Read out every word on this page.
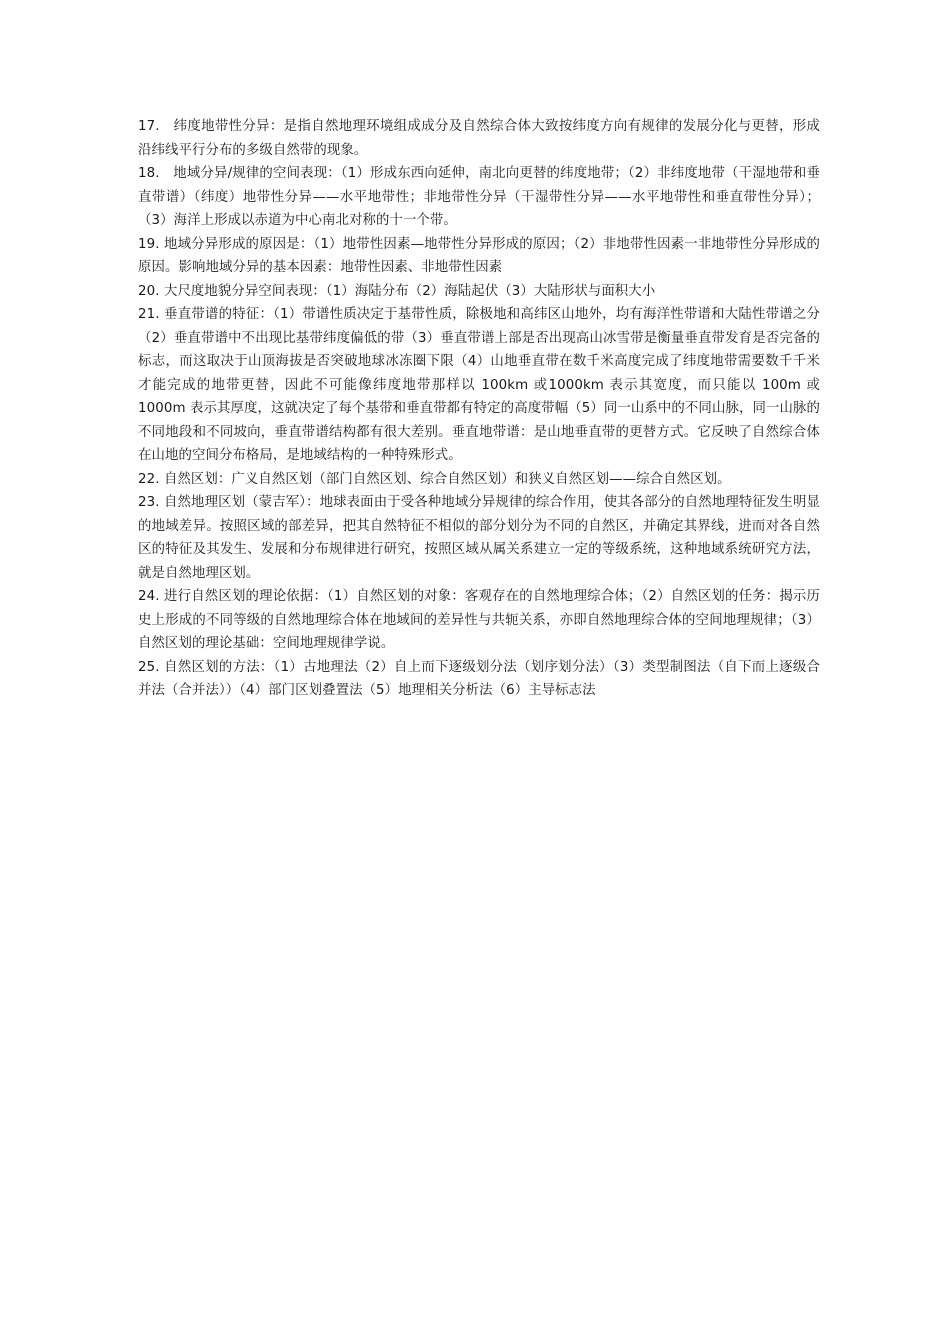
17.　纬度地带性分异：是指自然地理环境组成成分及自然综合体大致按纬度方向有规律的发展分化与更替，形成沿纬线平行分布的多级自然带的现象。

18.　地域分异/规律的空间表现：（1）形成东西向延伸，南北向更替的纬度地带；（2）非纬度地带（干湿地带和垂直带谱）（纬度）地带性分异——水平地带性；非地带性分异（干湿带性分异——水平地带性和垂直带性分异）；（3）海洋上形成以赤道为中心南北对称的十一个带。

19. 地域分异形成的原因是：（1）地带性因素—地带性分异形成的原因；（2）非地带性因素一非地带性分异形成的原因。影响地域分异的基本因素：地带性因素、非地带性因素

20. 大尺度地貌分异空间表现：（1）海陆分布（2）海陆起伏（3）大陆形状与面积大小

21. 垂直带谱的特征：（1）带谱性质决定于基带性质，除极地和高纬区山地外，均有海洋性带谱和大陆性带谱之分（2）垂直带谱中不出现比基带纬度偏低的带（3）垂直带谱上部是否出现高山冰雪带是衡量垂直带发育是否完备的标志，而这取决于山顶海拔是否突破地球冰冻圈下限（4）山地垂直带在数千米高度完成了纬度地带需要数千千米才能完成的地带更替，因此不可能像纬度地带那样以 100km 或1000km 表示其宽度，而只能以 100m 或 1000m 表示其厚度，这就决定了每个基带和垂直带都有特定的高度带幅（5）同一山系中的不同山脉，同一山脉的不同地段和不同坡向，垂直带谱结构都有很大差别。垂直地带谱：是山地垂直带的更替方式。它反映了自然综合体在山地的空间分布格局，是地域结构的一种特殊形式。

22. 自然区划：广义自然区划（部门自然区划、综合自然区划）和狭义自然区划——综合自然区划。

23. 自然地理区划（蒙吉军）：地球表面由于受各种地域分异规律的综合作用，使其各部分的自然地理特征发生明显的地域差异。按照区域的部差异，把其自然特征不相似的部分划分为不同的自然区，并确定其界线，进而对各自然区的特征及其发生、发展和分布规律进行研究，按照区域从属关系建立一定的等级系统，这种地域系统研究方法，就是自然地理区划。

24. 进行自然区划的理论依据：（1）自然区划的对象：客观存在的自然地理综合体；（2）自然区划的任务：揭示历史上形成的不同等级的自然地理综合体在地域间的差异性与共轭关系，亦即自然地理综合体的空间地理规律；（3）自然区划的理论基础：空间地理规律学说。

25. 自然区划的方法：（1）古地理法（2）自上而下逐级划分法（划序划分法）（3）类型制图法（自下而上逐级合并法（合并法））（4）部门区划叠置法（5）地理相关分析法（6）主导标志法
